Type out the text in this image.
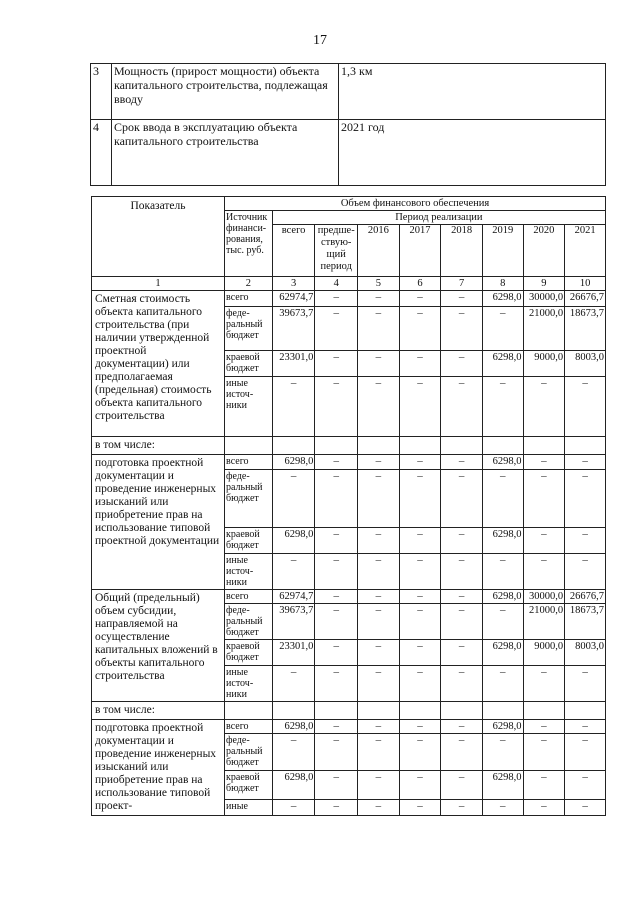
17
3	Мощность (прирост мощности) объекта капитального строительства, подлежащая вводу	1,3 км
4	Срок ввода в эксплуатацию объекта капитального строительства	2021 год
Показатель	Объем финансового обеспечения								
	Источник финанси- рования, тыс. руб.	Период реализации							
		всего	предше- ствую- щий период	2016	2017	2018	2019	2020	2021
1	2	3	4	5	6	7	8	9	10
Сметная стоимость объекта капитального строительства (при наличии утвержденной проектной документации) или предполагаемая (предельная) стоимость объекта капитального строительства	всего	62974,7	–	–	–	–	6298,0	30000,0	26676,7
	феде- ральный бюджет	39673,7	–	–	–	–	–	21000,0	18673,7
	краевой бюджет	23301,0	–	–	–	–	6298,0	9000,0	8003,0
	иные источ- ники	–	–	–	–	–	–	–	–
в том числе:									
подготовка проектной документации и проведение инженерных изысканий или приобретение прав на использование типовой проектной документации	всего	6298,0	–	–	–	–	6298,0	–	–
	феде- ральный бюджет	–	–	–	–	–	–	–	–
	краевой бюджет	6298,0	–	–	–	–	6298,0	–	–
	иные источ- ники	–	–	–	–	–	–	–	–
Общий (предельный) объем субсидии, направляемой на осуществление капитальных вложений в объекты капитального строительства	всего	62974,7	–	–	–	–	6298,0	30000,0	26676,7
	феде- ральный бюджет	39673,7	–	–	–	–	–	21000,0	18673,7
	краевой бюджет	23301,0	–	–	–	–	6298,0	9000,0	8003,0
	иные источ- ники	–	–	–	–	–	–	–	–
в том числе:									
подготовка проектной документации и проведение инженерных изысканий или приобретение прав на использование типовой проект-	всего	6298,0	–	–	–	–	6298,0	–	–
	феде- ральный бюджет	–	–	–	–	–	–	–	–
	краевой бюджет	6298,0	–	–	–	–	6298,0	–	–
	иные	–	–	–	–	–	–	–	–
